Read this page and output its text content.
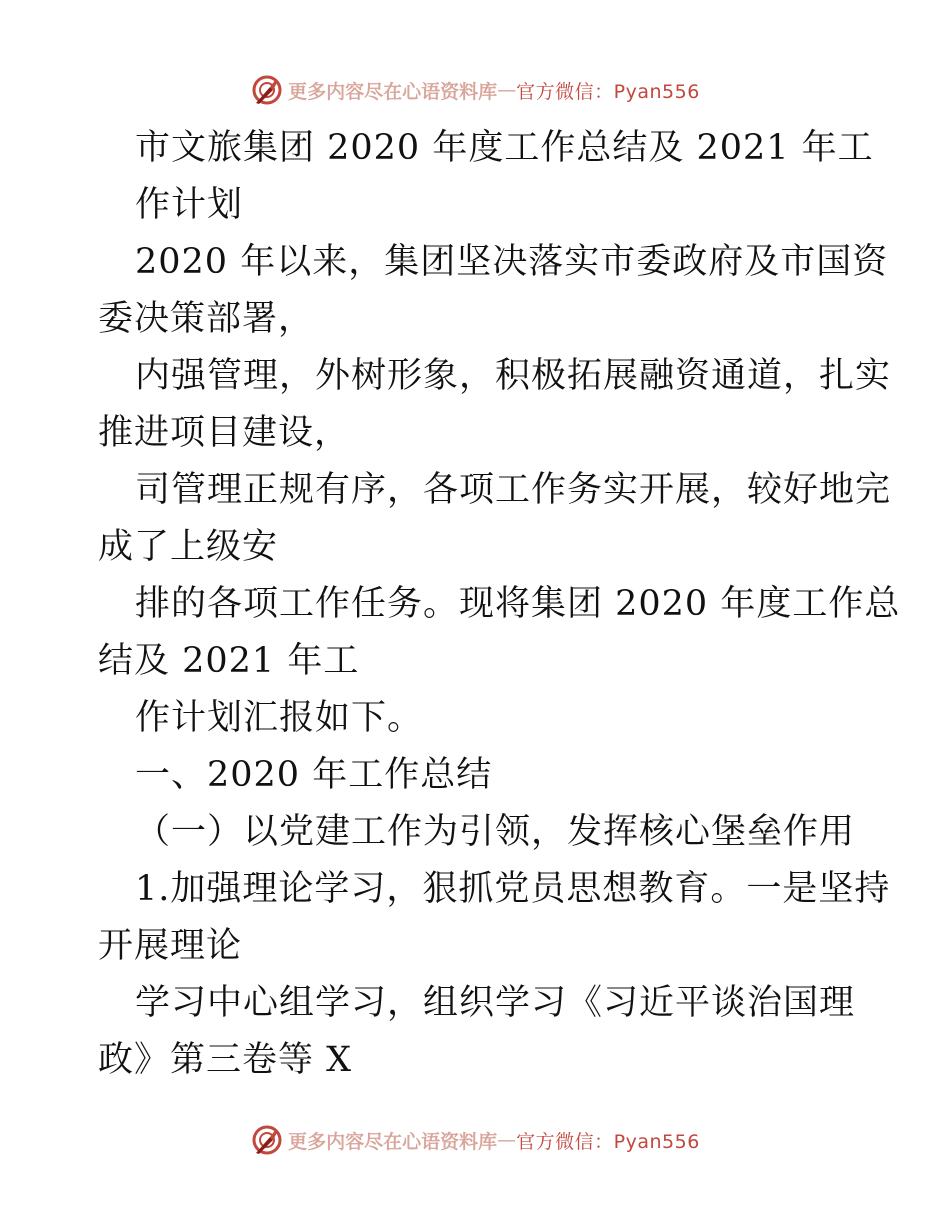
更多内容尽在心语资料库 — 官方微信：Pyan556
市文旅集团 2020 年度工作总结及 2021 年工
作计划
2020 年以来，集团坚决落实市委政府及市国资
委决策部署，
内强管理，外树形象，积极拓展融资通道，扎实
推进项目建设，
司管理正规有序，各项工作务实开展，较好地完
成了上级安
排的各项工作任务。现将集团 2020 年度工作总
结及 2021 年工
作计划汇报如下。
一、2020 年工作总结
（一）以党建工作为引领，发挥核心堡垒作用
1.加强理论学习，狠抓党员思想教育。一是坚持
开展理论
学习中心组学习，组织学习《习近平谈治国理
政》第三卷等 X
更多内容尽在心语资料库 — 官方微信：Pyan556
